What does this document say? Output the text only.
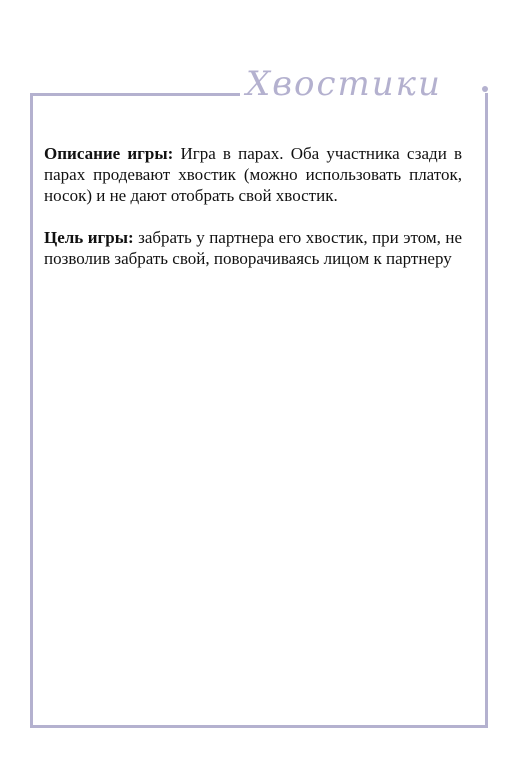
Хвостики

Описание игры: Игра в парах. Оба участника сзади в парах продевают хвостик (можно использовать платок, носок) и не дают отобрать свой хвостик.

Цель игры: забрать у партнера его хвостик, при этом, не позволив забрать свой, поворачиваясь лицом к партнеру
